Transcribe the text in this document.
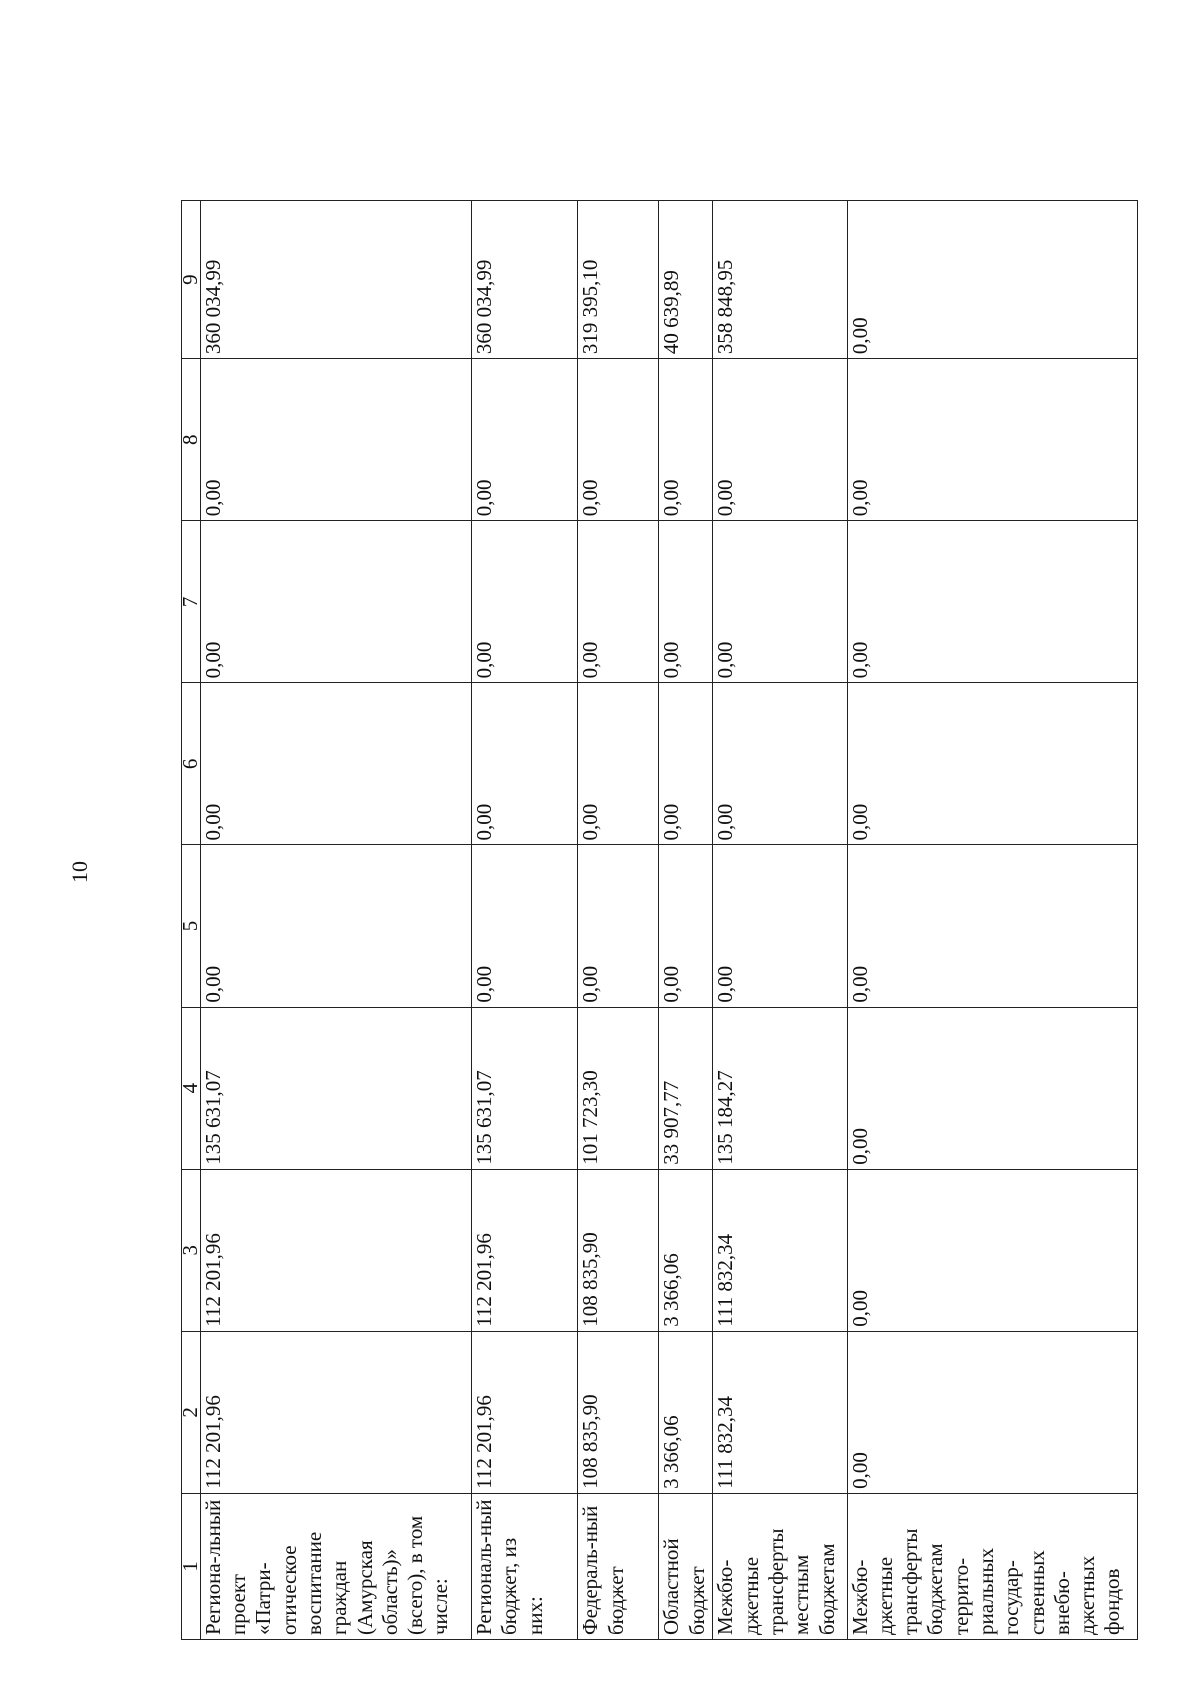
10
1	2	3	4	5	6	7	8	9
Регионa-льный проект «Патри-отическое воспитание граждан (Амурская область)» (всего), в том числе:	112 201,96	112 201,96	135 631,07	0,00	0,00	0,00	0,00	360 034,99
Региональ-ный бюджет, из них:	112 201,96	112 201,96	135 631,07	0,00	0,00	0,00	0,00	360 034,99
Федераль-ный бюджет	108 835,90	108 835,90	101 723,30	0,00	0,00	0,00	0,00	319 395,10
Областной бюджет	3 366,06	3 366,06	33 907,77	0,00	0,00	0,00	0,00	40 639,89
Межбю-джетные трансферты местным бюджетам	111 832,34	111 832,34	135 184,27	0,00	0,00	0,00	0,00	358 848,95
Межбю-джетные трансферты бюджетам террито-риальных государ-ственных внебю-джетных фондов	0,00	0,00	0,00	0,00	0,00	0,00	0,00	0,00
